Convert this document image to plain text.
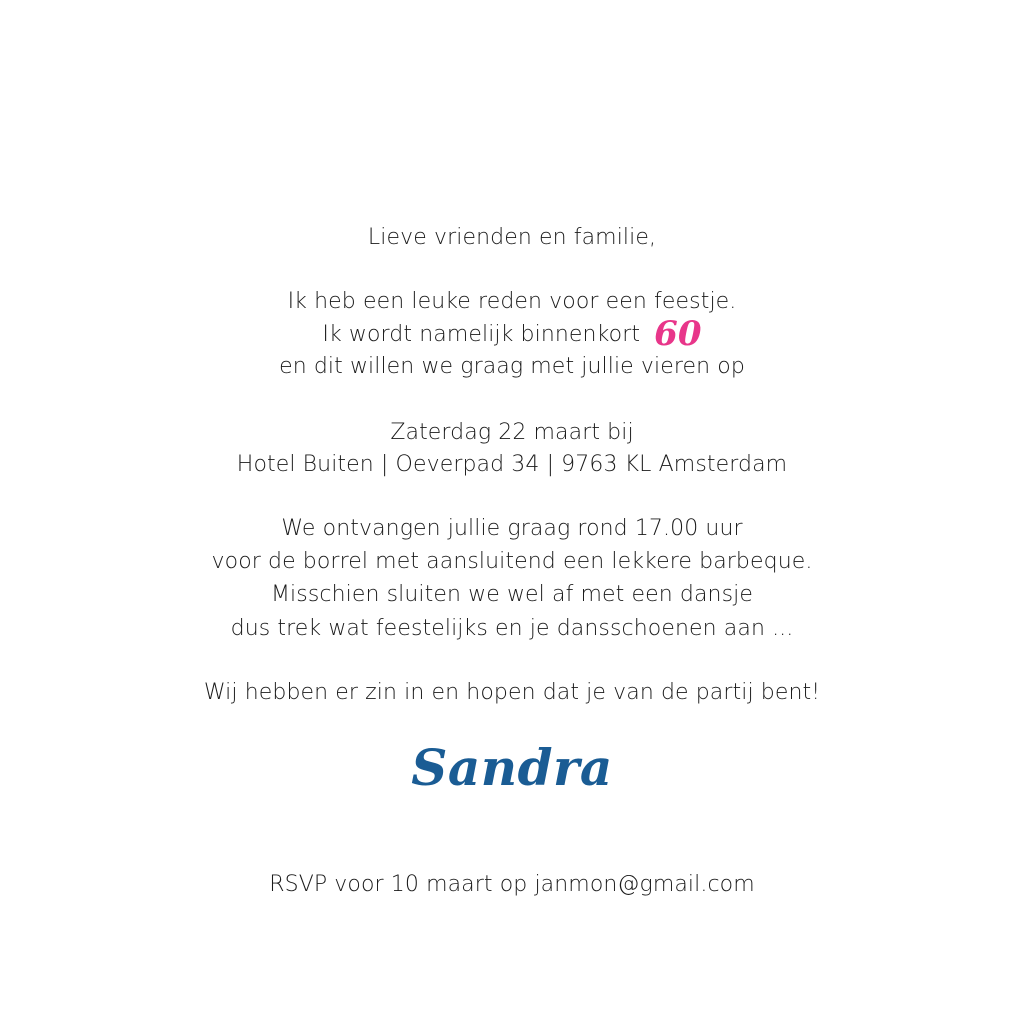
Lieve vrienden en familie,
Ik heb een leuke reden voor een feestje.
Ik wordt namelijk binnenkort 60
en dit willen we graag met jullie vieren op
Zaterdag 22 maart bij
Hotel Buiten | Oeverpad 34 | 9763 KL Amsterdam
We ontvangen jullie graag rond 17.00 uur
voor de borrel met aansluitend een lekkere barbeque.
Misschien sluiten we wel af met een dansje
dus trek wat feestelijks en je dansschoenen aan ...
Wij hebben er zin in en hopen dat je van de partij bent!
Sandra
RSVP voor 10 maart op janmon@gmail.com
